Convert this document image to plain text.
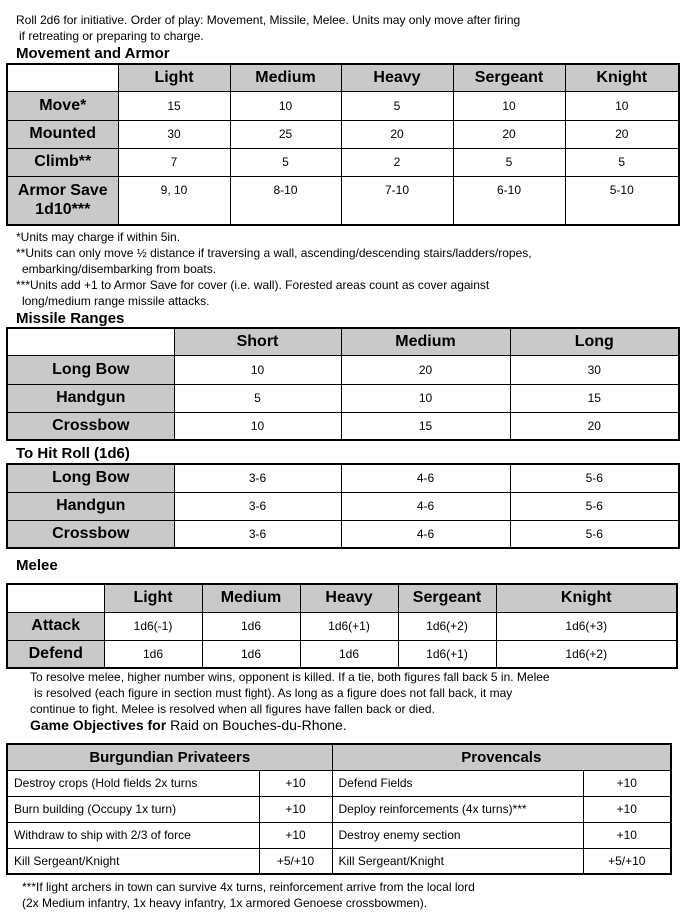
Roll 2d6 for initiative. Order of play: Movement, Missile, Melee. Units may only move after firing
if retreating or preparing to charge.
Movement and Armor
	Light	Medium	Heavy	Sergeant	Knight
Move*	15	10	5	10	10
Mounted	30	25	20	20	20
Climb**	7	5	2	5	5

Armor Save
1d10***	9, 10	8-10	7-10	6-10	5-10
*Units may charge if within 5in.
**Units can only move ½ distance if traversing a wall, ascending/descending stairs/ladders/ropes,
embarking/disembarking from boats.
***Units add +1 to Armor Save for cover (i.e. wall). Forested areas count as cover against
long/medium range missile attacks.
Missile Ranges
	Short	Medium	Long
Long Bow	10	20	30
Handgun	5	10	15
Crossbow	10	15	20
To Hit Roll (1d6)
Long Bow	3-6	4-6	5-6
Handgun	3-6	4-6	5-6
Crossbow	3-6	4-6	5-6
Melee
	Light	Medium	Heavy	Sergeant	Knight
Attack	1d6(-1)	1d6	1d6(+1)	1d6(+2)	1d6(+3)
Defend	1d6	1d6	1d6	1d6(+1)	1d6(+2)
To resolve melee, higher number wins, opponent is killed. If a tie, both figures fall back 5 in. Melee
is resolved (each figure in section must fight). As long as a figure does not fall back, it may
continue to fight. Melee is resolved when all figures have fallen back or died.
Game Objectives for Raid on Bouches-du-Rhone.
Burgundian Privateers		Provencals	
Destroy crops (Hold fields 2x turns	+10	Defend Fields	+10
Burn building (Occupy 1x turn)	+10	Deploy reinforcements (4x turns)***	+10
Withdraw to ship with 2/3 of force	+10	Destroy enemy section	+10
Kill Sergeant/Knight	+5/+10	Kill Sergeant/Knight	+5/+10
***If light archers in town can survive 4x turns, reinforcement arrive from the local lord
(2x Medium infantry, 1x heavy infantry, 1x armored Genoese crossbowmen).
